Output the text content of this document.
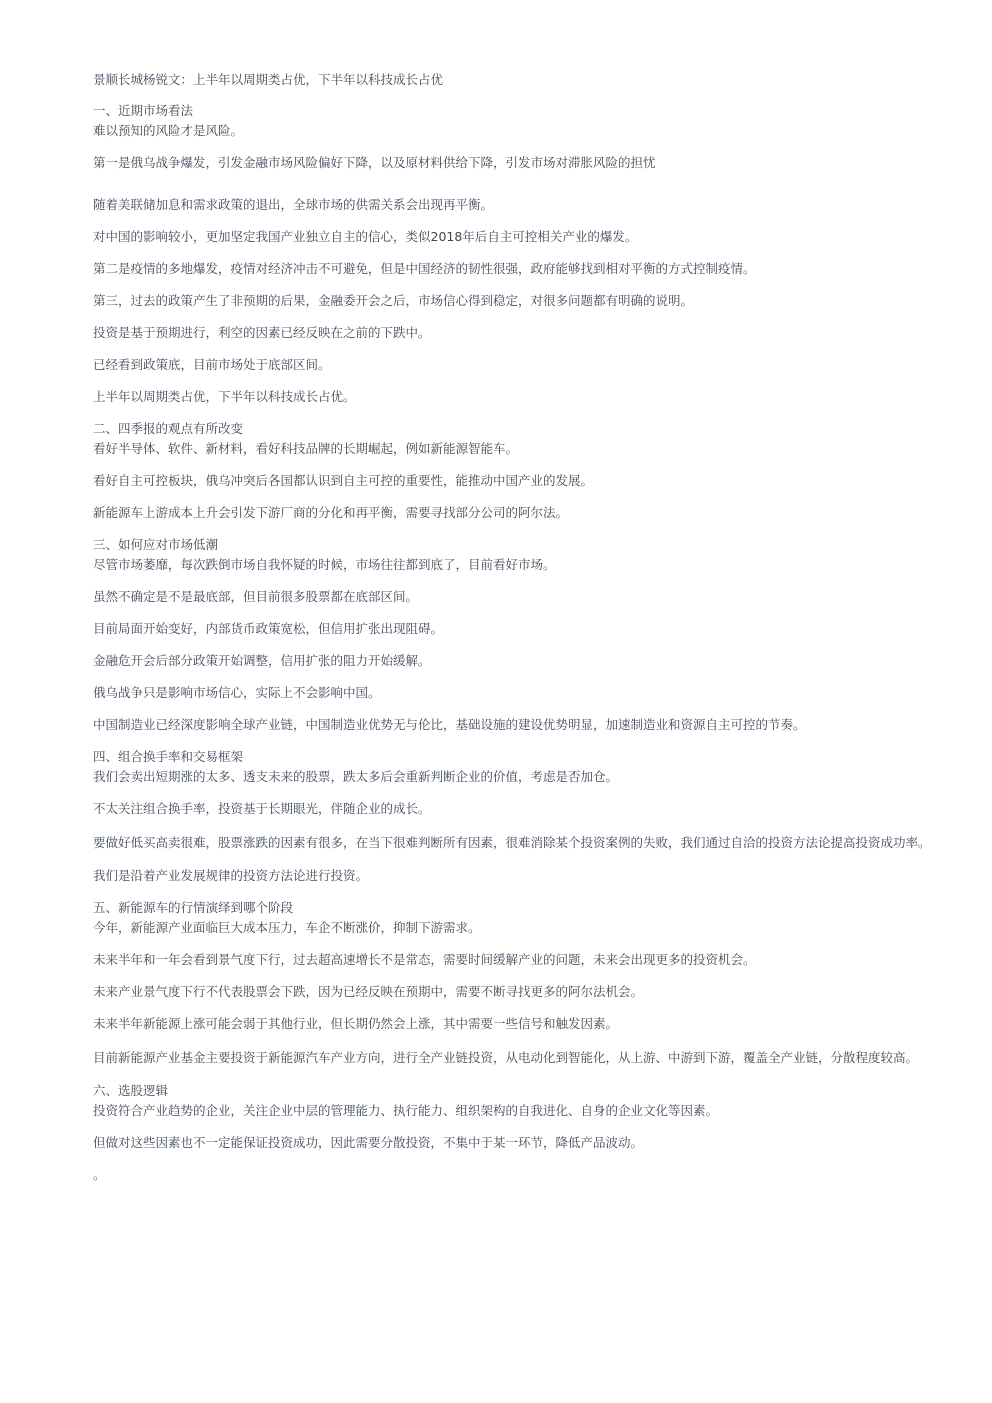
景顺长城杨锐文：上半年以周期类占优，下半年以科技成长占优

一、近期市场看法

难以预知的风险才是风险。

第一是俄乌战争爆发，引发金融市场风险偏好下降，以及原材料供给下降，引发市场对滞胀风险的担忧

随着美联储加息和需求政策的退出，全球市场的供需关系会出现再平衡。

对中国的影响较小，更加坚定我国产业独立自主的信心，类似2018年后自主可控相关产业的爆发。

第二是疫情的多地爆发，疫情对经济冲击不可避免，但是中国经济的韧性很强，政府能够找到相对平衡的方式控制疫情。

第三，过去的政策产生了非预期的后果，金融委开会之后，市场信心得到稳定，对很多问题都有明确的说明。

投资是基于预期进行，利空的因素已经反映在之前的下跌中。

已经看到政策底，目前市场处于底部区间。

上半年以周期类占优，下半年以科技成长占优。

二、四季报的观点有所改变

看好半导体、软件、新材料，看好科技品牌的长期崛起，例如新能源智能车。

看好自主可控板块，俄乌冲突后各国都认识到自主可控的重要性，能推动中国产业的发展。

新能源车上游成本上升会引发下游厂商的分化和再平衡，需要寻找部分公司的阿尔法。

三、如何应对市场低潮

尽管市场萎靡，每次跌倒市场自我怀疑的时候，市场往往都到底了，目前看好市场。

虽然不确定是不是最底部，但目前很多股票都在底部区间。

目前局面开始变好，内部货币政策宽松，但信用扩张出现阻碍。

金融危开会后部分政策开始调整，信用扩张的阻力开始缓解。

俄乌战争只是影响市场信心，实际上不会影响中国。

中国制造业已经深度影响全球产业链，中国制造业优势无与伦比，基础设施的建设优势明显，加速制造业和资源自主可控的节奏。

四、组合换手率和交易框架

我们会卖出短期涨的太多、透支未来的股票，跌太多后会重新判断企业的价值，考虑是否加仓。

不太关注组合换手率，投资基于长期眼光，伴随企业的成长。

要做好低买高卖很难，股票涨跌的因素有很多，在当下很难判断所有因素，很难消除某个投资案例的失败，我们通过自洽的投资方法论提高投资成功率。

我们是沿着产业发展规律的投资方法论进行投资。

五、新能源车的行情演绎到哪个阶段

今年，新能源产业面临巨大成本压力，车企不断涨价，抑制下游需求。

未来半年和一年会看到景气度下行，过去超高速增长不是常态，需要时间缓解产业的问题，未来会出现更多的投资机会。

未来产业景气度下行不代表股票会下跌，因为已经反映在预期中，需要不断寻找更多的阿尔法机会。

未来半年新能源上涨可能会弱于其他行业，但长期仍然会上涨，其中需要一些信号和触发因素。

目前新能源产业基金主要投资于新能源汽车产业方向，进行全产业链投资，从电动化到智能化，从上游、中游到下游，覆盖全产业链，分散程度较高。

六、选股逻辑

投资符合产业趋势的企业，关注企业中层的管理能力、执行能力、组织架构的自我进化、自身的企业文化等因素。

但做对这些因素也不一定能保证投资成功，因此需要分散投资，不集中于某一环节，降低产品波动。

。
